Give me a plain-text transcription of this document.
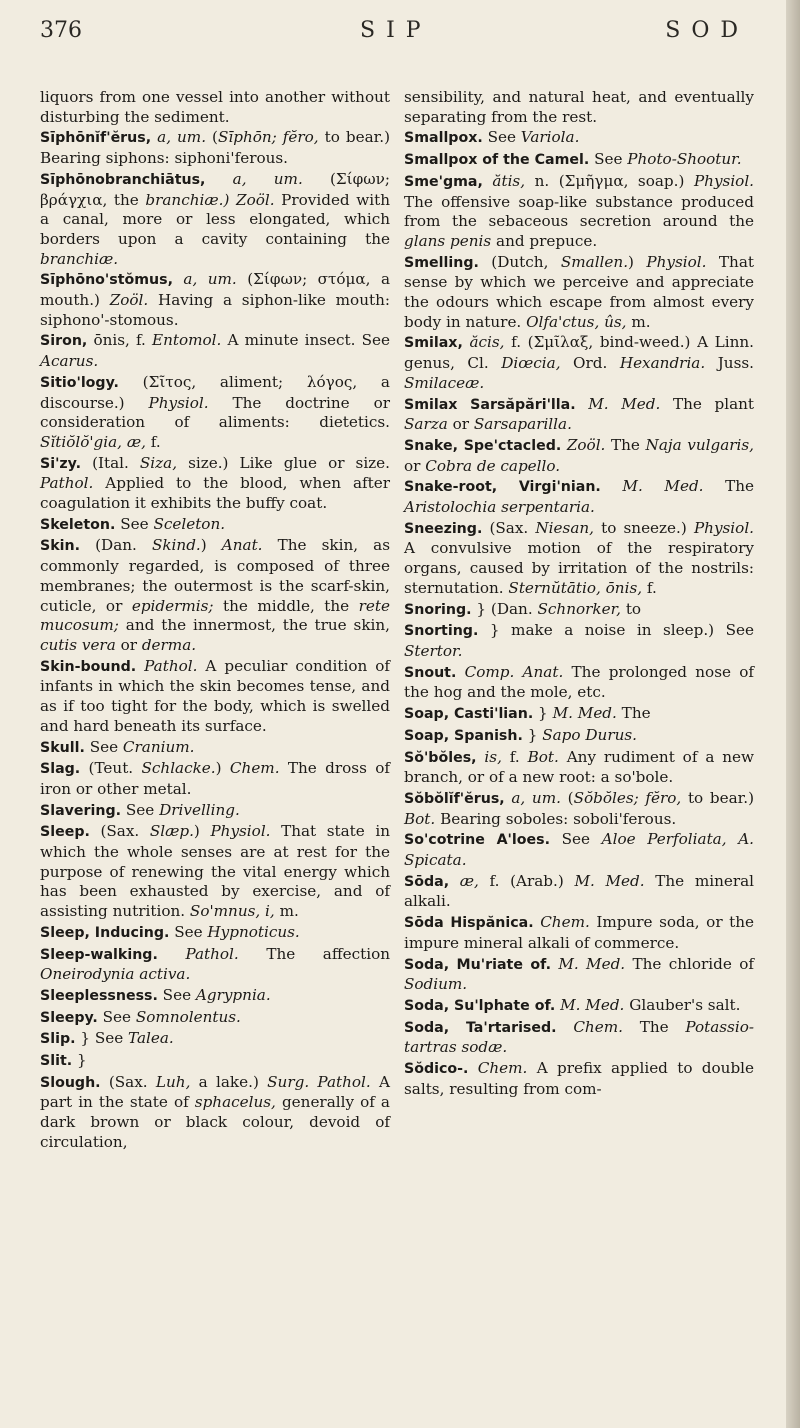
376	S I P	S O D

liquors from one vessel into another without disturbing the sediment.

Sīphōnĭf'ĕrus, a, um. (Sīphōn; fĕro, to bear.) Bearing siphons: siphoni'ferous.

Sīphōnobranchiātus, a, um. (Σίφων; βράγχια, the branchiæ.) Zoöl. Provided with a canal, more or less elongated, which borders upon a cavity containing the branchiæ.

Sīphōno'stŏmus, a, um. (Σίφων; στόμα, a mouth.) Zoöl. Having a siphon-like mouth: siphono'-stomous.

Siron, ōnis, f. Entomol. A minute insect. See Acarus.

Sitio'logy. (Σῖτος, aliment; λόγος, a discourse.) Physiol. The doctrine or consideration of aliments: dietetics. Sĭtiŏlŏ'gia, æ, f.

Si'zy. (Ital. Siza, size.) Like glue or size. Pathol. Applied to the blood, when after coagulation it exhibits the buffy coat.

Skeleton. See Sceleton.

Skin. (Dan. Skind.) Anat. The skin, as commonly regarded, is composed of three membranes; the outermost is the scarf-skin, cuticle, or epidermis; the middle, the rete mucosum; and the innermost, the true skin, cutis vera or derma.

Skin-bound. Pathol. A peculiar condition of infants in which the skin becomes tense, and as if too tight for the body, which is swelled and hard beneath its surface.

Skull. See Cranium.

Slag. (Teut. Schlacke.) Chem. The dross of iron or other metal.

Slavering. See Drivelling.

Sleep. (Sax. Slæp.) Physiol. That state in which the whole senses are at rest for the purpose of renewing the vital energy which has been exhausted by exercise, and of assisting nutrition. So'mnus, i, m.

Sleep, Inducing. See Hypnoticus.

Sleep-walking. Pathol. The affection Oneirodynia activa.

Sleeplessness. See Agrypnia.

Sleepy. See Somnolentus.

Slip. } See Talea.

Slit. }

Slough. (Sax. Luh, a lake.) Surg. Pathol. A part in the state of sphacelus, generally of a dark brown or black colour, devoid of circulation,

sensibility, and natural heat, and eventually separating from the rest.

Smallpox. See Variola.

Smallpox of the Camel. See Photo-Shootur.

Sme'gma, ătis, n. (Σμῆγμα, soap.) Physiol. The offensive soap-like substance produced from the sebaceous secretion around the glans penis and prepuce.

Smelling. (Dutch, Smallen.) Physiol. That sense by which we perceive and appreciate the odours which escape from almost every body in nature. Olfa'ctus, ûs, m.

Smilax, ăcis, f. (Σμῖλαξ, bind-weed.) A Linn. genus, Cl. Diœcia, Ord. Hexandria. Juss. Smilaceæ.

Smilax Sarsăpări'lla. M. Med. The plant Sarza or Sarsaparilla.

Snake, Spe'ctacled. Zoöl. The Naja vulgaris, or Cobra de capello.

Snake-root, Virgi'nian. M. Med. The Aristolochia serpentaria.

Sneezing. (Sax. Niesan, to sneeze.) Physiol. A convulsive motion of the respiratory organs, caused by irritation of the nostrils: sternutation. Sternŭtātio, ōnis, f.

Snoring. } (Dan. Schnorker, to

Snorting. } make a noise in sleep.) See Stertor.

Snout. Comp. Anat. The prolonged nose of the hog and the mole, etc.

Soap, Casti'lian. } M. Med. The

Soap, Spanish. } Sapo Durus.

Sŏ'bŏles, is, f. Bot. Any rudiment of a new branch, or of a new root: a so'bole.

Sŏbŏlĭf'ĕrus, a, um. (Sŏbŏles; fĕro, to bear.) Bot. Bearing soboles: soboli'ferous.

So'cotrine A'loes. See Aloe Perfoliata, A. Spicata.

Sōda, æ, f. (Arab.) M. Med. The mineral alkali.

Sōda Hispănica. Chem. Impure soda, or the impure mineral alkali of commerce.

Soda, Mu'riate of. M. Med. The chloride of Sodium.

Soda, Su'lphate of. M. Med. Glauber's salt.

Soda, Ta'rtarised. Chem. The Potassio-tartras sodæ.

Sŏdico-. Chem. A prefix applied to double salts, resulting from com-
